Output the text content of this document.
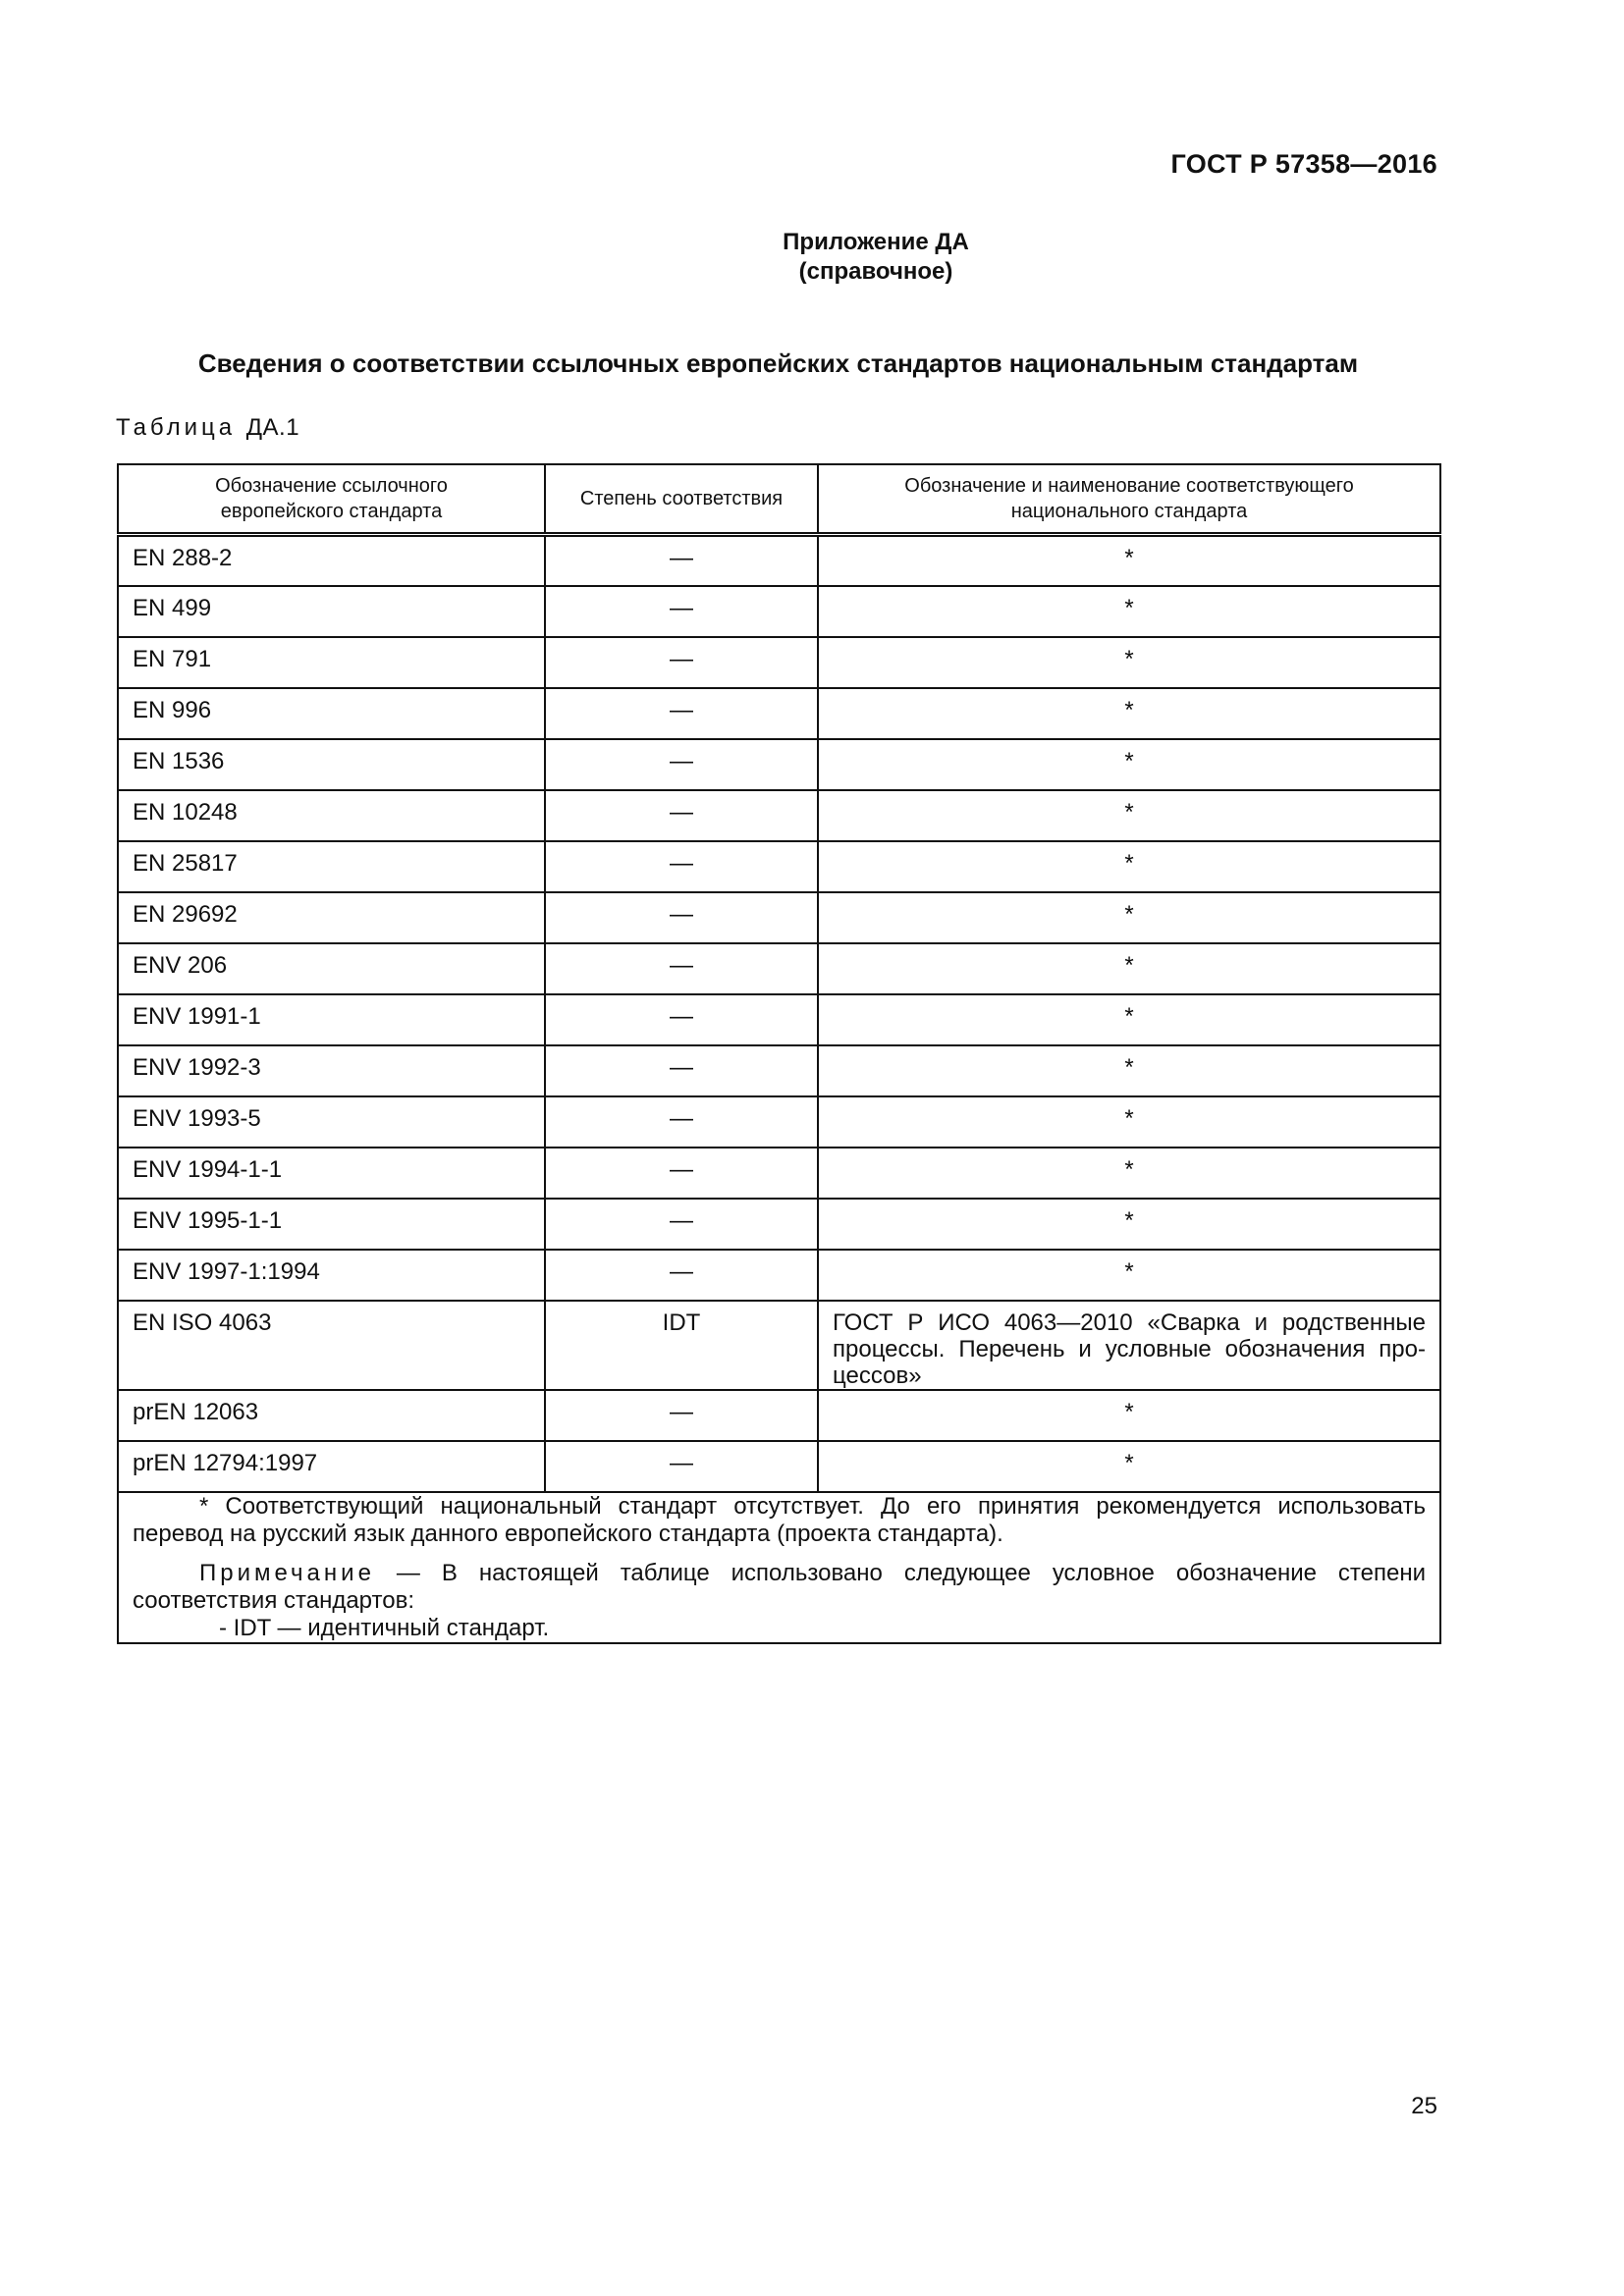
ГОСТ Р 57358—2016
Приложение ДА
(справочное)
Сведения о соответствии ссылочных европейских стандартов национальным стандартам
Таблица ДА.1
Обозначение ссылочного европейского стандарта	Степень соответствия	Обозначение и наименование соответствующего национального стандарта
EN 288-2	—	*
EN 499	—	*
EN 791	—	*
EN 996	—	*
EN 1536	—	*
EN 10248	—	*
EN 25817	—	*
EN 29692	—	*
ENV 206	—	*
ENV 1991-1	—	*
ENV 1992-3	—	*
ENV 1993-5	—	*
ENV 1994-1-1	—	*
ENV 1995-1-1	—	*
ENV 1997-1:1994	—	*
EN ISO 4063	IDT	ГОСТ Р ИСО 4063—2010 «Сварка и родственные процессы. Перечень и условные обозначения про-цессов»
prEN 12063	—	*
prEN 12794:1997	—	*

* Соответствующий национальный стандарт отсутствует. До его принятия рекомендуется использовать перевод на русский язык данного европейского стандарта (проекта стандарта).

Примечание — В настоящей таблице использовано следующее условное обозначение степени соответствия стандартов:

- IDT — идентичный стандарт.		

25
